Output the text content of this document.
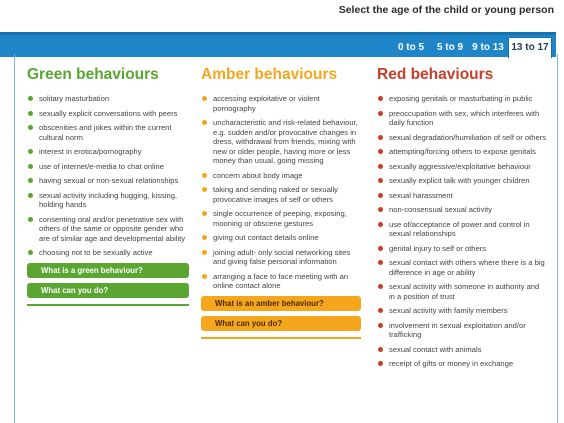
Select the age of the child or young person
0 to 5	5 to 9 9 to 13 13 to 17
Green behaviours
solitary masturbation
sexually explicit conversations with peers
obscenities and jokes within the current cultural norm
interest in erotica/pornography
use of internet/e-media to chat online
having sexual or non-sexual relationships
sexual activity including hugging, kissing, holding hands
consenting oral and/or penetrative sex with others of the same or opposite gender who are of similar age and developmental ability
choosing not to be sexually active
What is a green behaviour?
What can you do?
Amber behaviours
accessing exploitative or violent pornography
uncharacteristic and risk-related behaviour, e.g. sudden and/or provocative changes in dress, withdrawal from friends, mixing with new or older people, having more or less money than usual, going missing
concern about body image
taking and sending naked or sexually provocative images of self or others
single occurrence of peeping, exposing, mooning or obscene gestures
giving out contact details online
joining adult- only social networking sites and giving false personal information
arranging a face to face meeting with an online contact alone
What is an amber behaviour?
What can you do?
Red behaviours
exposing genitals or masturbating in public
preoccupation with sex, which interferes with daily function
sexual degradation/humiliation of self or others
attempting/forcing others to expose genitals
sexually aggressive/exploitative behaviour
sexually explicit talk with younger children
sexual harassment
non-consensual sexual activity
use of/acceptance of power and control in sexual relationships
genital injury to self or others
sexual contact with others where there is a big difference in age or ability
sexual activity with someone in authority and in a position of trust
sexual activity with family members
involvement in sexual exploitation and/or trafficking
sexual contact with animals
receipt of gifts or money in exchange
